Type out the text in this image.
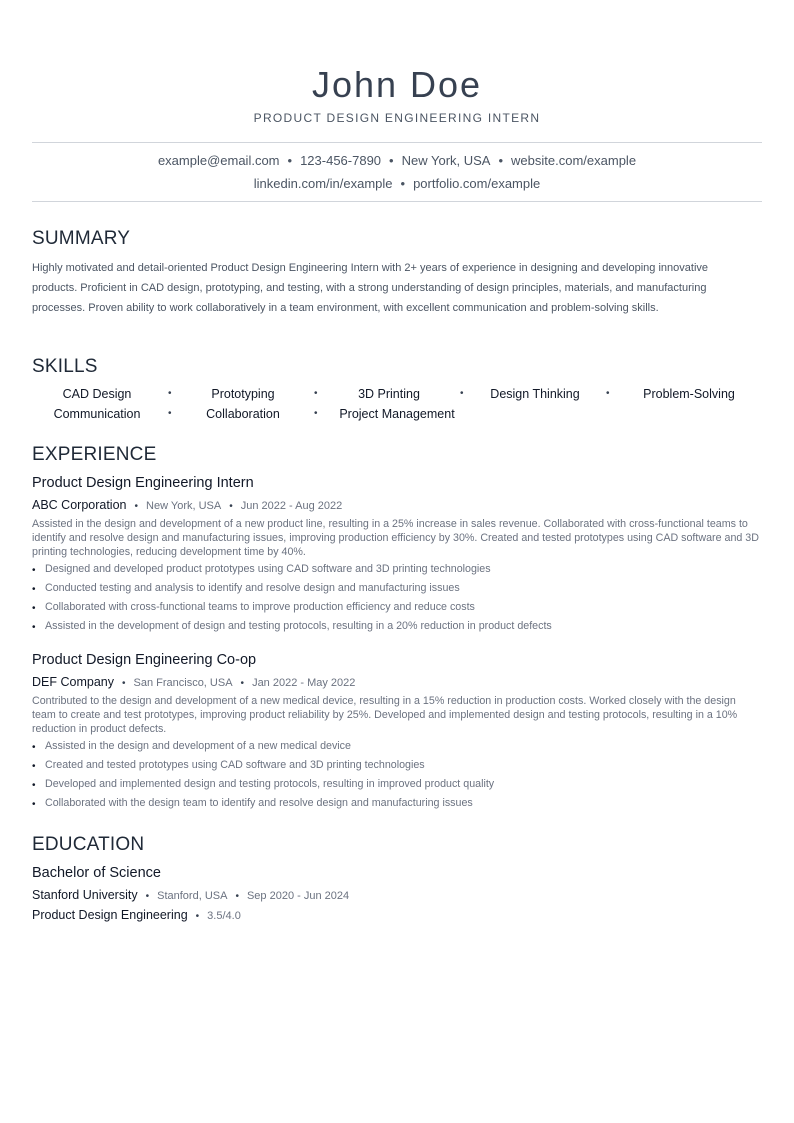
John Doe
PRODUCT DESIGN ENGINEERING INTERN
example@email.com • 123-456-7890 • New York, USA • website.com/example
linkedin.com/in/example • portfolio.com/example
SUMMARY
Highly motivated and detail-oriented Product Design Engineering Intern with 2+ years of experience in designing and developing innovative products. Proficient in CAD design, prototyping, and testing, with a strong understanding of design principles, materials, and manufacturing processes. Proven ability to work collaboratively in a team environment, with excellent communication and problem-solving skills.
SKILLS
CAD Design	•	Prototyping	•	3D Printing	•	Design Thinking	•	Problem-Solving
Communication	•	Collaboration	•	Project Management
EXPERIENCE
Product Design Engineering Intern
ABC Corporation • New York, USA • Jun 2022 - Aug 2022
Assisted in the design and development of a new product line, resulting in a 25% increase in sales revenue. Collaborated with cross-functional teams to identify and resolve design and manufacturing issues, improving production efficiency by 30%. Created and tested prototypes using CAD software and 3D printing technologies, reducing development time by 40%.
• Designed and developed product prototypes using CAD software and 3D printing technologies
• Conducted testing and analysis to identify and resolve design and manufacturing issues
• Collaborated with cross-functional teams to improve production efficiency and reduce costs
• Assisted in the development of design and testing protocols, resulting in a 20% reduction in product defects
Product Design Engineering Co-op
DEF Company • San Francisco, USA • Jan 2022 - May 2022
Contributed to the design and development of a new medical device, resulting in a 15% reduction in production costs. Worked closely with the design team to create and test prototypes, improving product reliability by 25%. Developed and implemented design and testing protocols, resulting in a 10% reduction in product defects.
• Assisted in the design and development of a new medical device
• Created and tested prototypes using CAD software and 3D printing technologies
• Developed and implemented design and testing protocols, resulting in improved product quality
• Collaborated with the design team to identify and resolve design and manufacturing issues
EDUCATION
Bachelor of Science
Stanford University • Stanford, USA • Sep 2020 - Jun 2024
Product Design Engineering • 3.5/4.0
